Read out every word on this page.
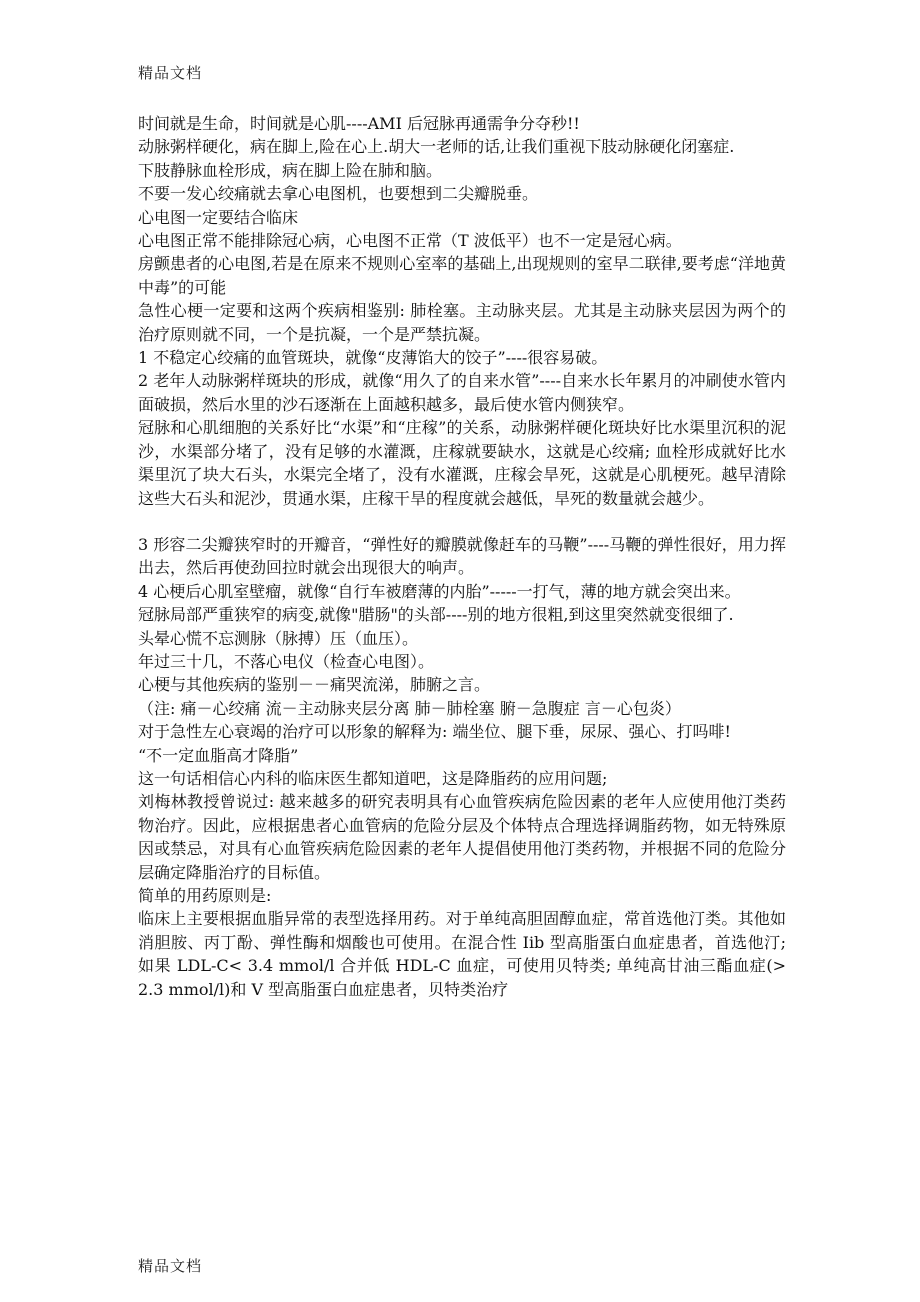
精品文档

时间就是生命，时间就是心肌----AMI 后冠脉再通需争分夺秒!!

动脉粥样硬化，病在脚上,险在心上.胡大一老师的话,让我们重视下肢动脉硬化闭塞症.

下肢静脉血栓形成，病在脚上险在肺和脑。

不要一发心绞痛就去拿心电图机，也要想到二尖瓣脱垂。

心电图一定要结合临床

心电图正常不能排除冠心病，心电图不正常（T 波低平）也不一定是冠心病。

房颤患者的心电图,若是在原来不规则心室率的基础上,出现规则的室早二联律,要考虑“洋地黄中毒”的可能

急性心梗一定要和这两个疾病相鉴别: 肺栓塞。主动脉夹层。尤其是主动脉夹层因为两个的治疗原则就不同，一个是抗凝，一个是严禁抗凝。

1 不稳定心绞痛的血管斑块，就像“皮薄馅大的饺子”----很容易破。

2 老年人动脉粥样斑块的形成，就像“用久了的自来水管”----自来水长年累月的冲刷使水管内面破损，然后水里的沙石逐渐在上面越积越多，最后使水管内侧狭窄。

冠脉和心肌细胞的关系好比“水渠”和“庄稼”的关系，动脉粥样硬化斑块好比水渠里沉积的泥沙，水渠部分堵了，没有足够的水灌溉，庄稼就要缺水，这就是心绞痛; 血栓形成就好比水渠里沉了块大石头，水渠完全堵了，没有水灌溉，庄稼会旱死，这就是心肌梗死。越早清除这些大石头和泥沙，贯通水渠，庄稼干旱的程度就会越低，旱死的数量就会越少。

3 形容二尖瓣狭窄时的开瓣音，“弹性好的瓣膜就像赶车的马鞭”----马鞭的弹性很好，用力挥出去，然后再使劲回拉时就会出现很大的响声。

4 心梗后心肌室壁瘤，就像“自行车被磨薄的内胎”-----一打气，薄的地方就会突出来。

冠脉局部严重狭窄的病变,就像"腊肠"的头部----别的地方很粗,到这里突然就变很细了.

头晕心慌不忘测脉（脉搏）压（血压）。

年过三十几，不落心电仪（检查心电图）。

心梗与其他疾病的鉴别－－痛哭流涕，肺腑之言。

（注: 痛－心绞痛 流－主动脉夹层分离 肺－肺栓塞 腑－急腹症 言－心包炎）

对于急性左心衰竭的治疗可以形象的解释为: 端坐位、腿下垂，尿尿、强心、打吗啡!

“不一定血脂高才降脂”

这一句话相信心内科的临床医生都知道吧，这是降脂药的应用问题;

刘梅林教授曾说过: 越来越多的研究表明具有心血管疾病危险因素的老年人应使用他汀类药物治疗。因此，应根据患者心血管病的危险分层及个体特点合理选择调脂药物，如无特殊原因或禁忌，对具有心血管疾病危险因素的老年人提倡使用他汀类药物，并根据不同的危险分层确定降脂治疗的目标值。

简单的用药原则是:

临床上主要根据血脂异常的表型选择用药。对于单纯高胆固醇血症，常首选他汀类。其他如消胆胺、丙丁酚、弹性酶和烟酸也可使用。在混合性 Iib 型高脂蛋白血症患者，首选他汀; 如果 LDL-C< 3.4 mmol/l 合并低 HDL-C 血症，可使用贝特类; 单纯高甘油三酯血症(> 2.3 mmol/l)和 V 型高脂蛋白血症患者，贝特类治疗

精品文档
